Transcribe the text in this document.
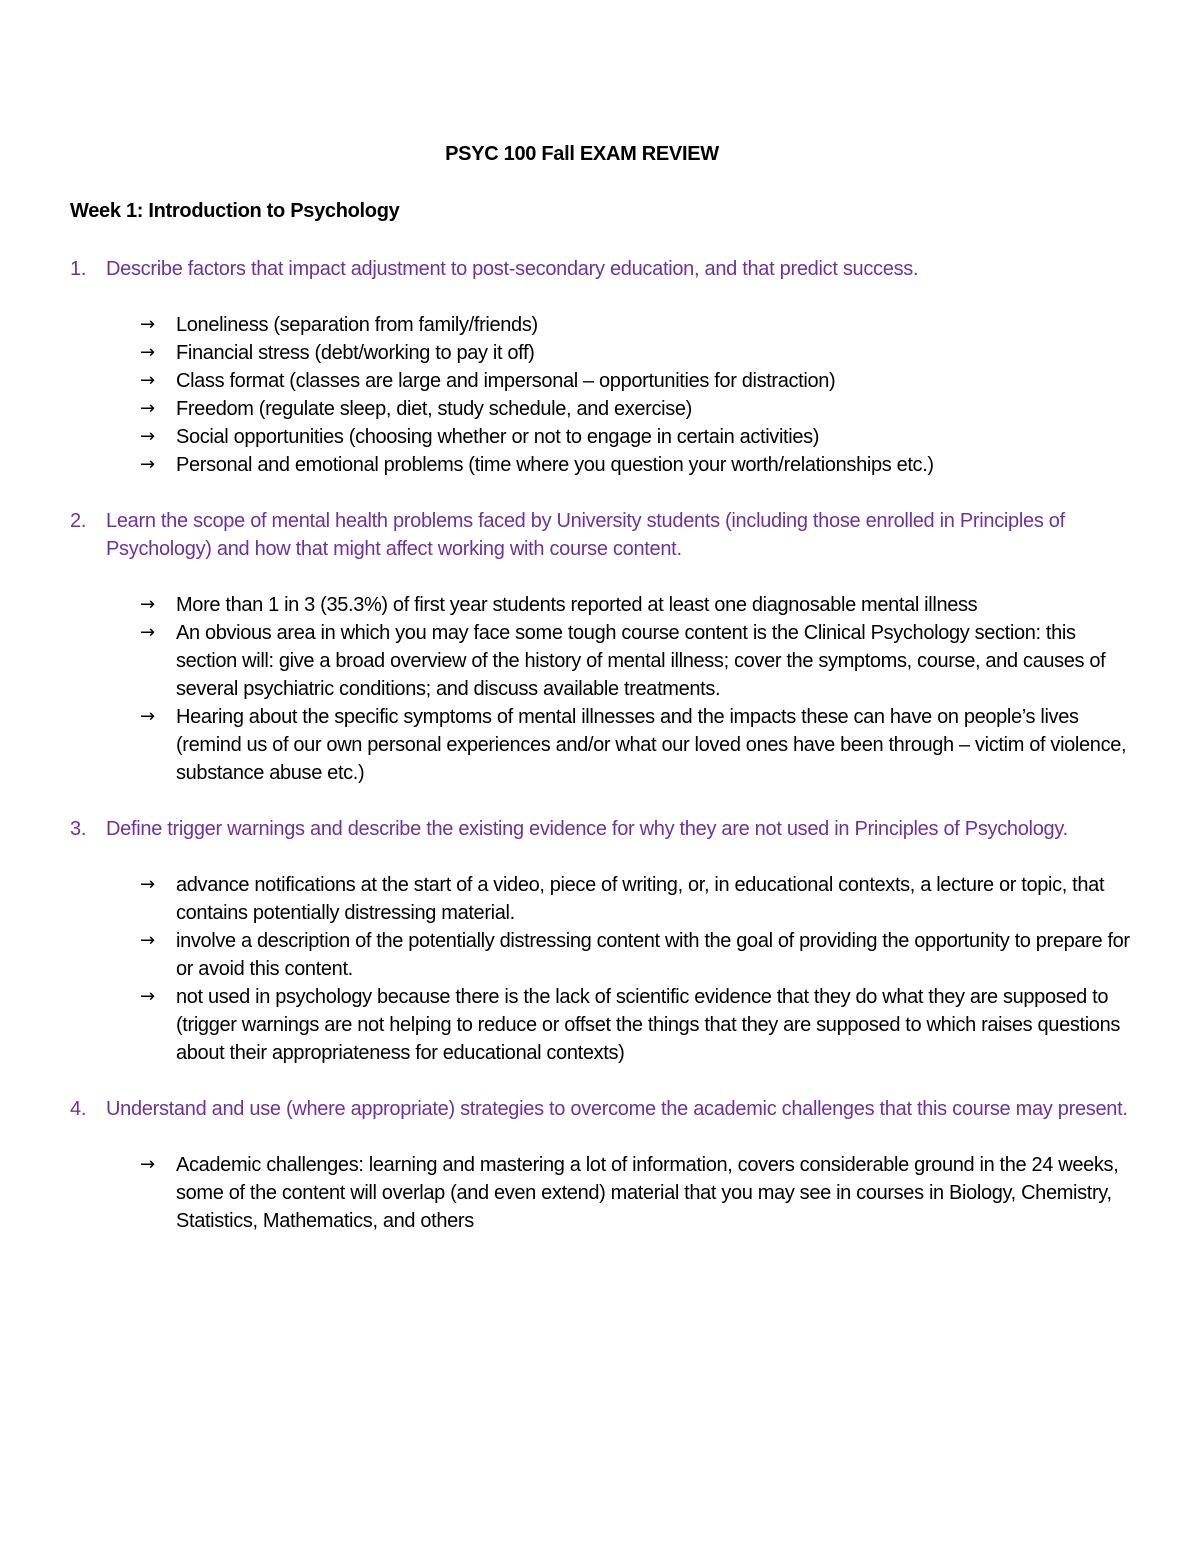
PSYC 100 Fall EXAM REVIEW
Week 1: Introduction to Psychology
1. Describe factors that impact adjustment to post-secondary education, and that predict success.
→ Loneliness (separation from family/friends)
→ Financial stress (debt/working to pay it off)
→ Class format (classes are large and impersonal – opportunities for distraction)
→ Freedom (regulate sleep, diet, study schedule, and exercise)
→ Social opportunities (choosing whether or not to engage in certain activities)
→ Personal and emotional problems (time where you question your worth/relationships etc.)
2. Learn the scope of mental health problems faced by University students (including those enrolled in Principles of Psychology) and how that might affect working with course content.
→ More than 1 in 3 (35.3%) of first year students reported at least one diagnosable mental illness
→ An obvious area in which you may face some tough course content is the Clinical Psychology section: this section will: give a broad overview of the history of mental illness; cover the symptoms, course, and causes of several psychiatric conditions; and discuss available treatments.
→ Hearing about the specific symptoms of mental illnesses and the impacts these can have on people’s lives (remind us of our own personal experiences and/or what our loved ones have been through – victim of violence, substance abuse etc.)
3. Define trigger warnings and describe the existing evidence for why they are not used in Principles of Psychology.
→ advance notifications at the start of a video, piece of writing, or, in educational contexts, a lecture or topic, that contains potentially distressing material.
→ involve a description of the potentially distressing content with the goal of providing the opportunity to prepare for or avoid this content.
→ not used in psychology because there is the lack of scientific evidence that they do what they are supposed to (trigger warnings are not helping to reduce or offset the things that they are supposed to which raises questions about their appropriateness for educational contexts)
4. Understand and use (where appropriate) strategies to overcome the academic challenges that this course may present.
→ Academic challenges: learning and mastering a lot of information, covers considerable ground in the 24 weeks, some of the content will overlap (and even extend) material that you may see in courses in Biology, Chemistry, Statistics, Mathematics, and others
